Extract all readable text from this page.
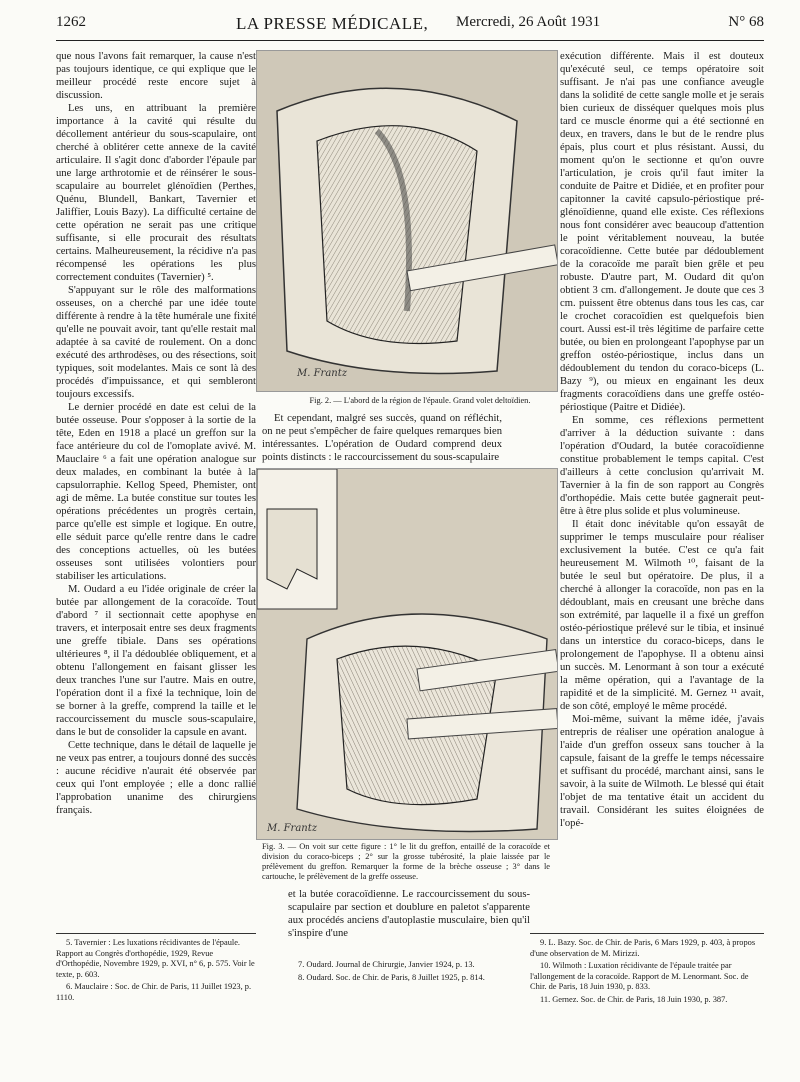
1262	LA PRESSE MÉDICALE, Mercredi, 26 Août 1931	N° 68

que nous l'avons fait remarquer, la cause n'est pas toujours identique, ce qui explique que le meilleur procédé reste encore sujet à discussion.

Les uns, en attribuant la première importance à la cavité qui résulte du décollement antérieur du sous-scapulaire, ont cherché à oblitérer cette annexe de la cavité articulaire. Il s'agit donc d'aborder l'épaule par une large arthrotomie et de réinsérer le sous-scapulaire au bourrelet glénoïdien (Perthes, Quénu, Blundell, Bankart, Tavernier et Jaliffier, Louis Bazy). La difficulté certaine de cette opération ne serait pas une critique suffisante, si elle procurait des résultats certains. Malheureusement, la récidive n'a pas récompensé les opérations les plus correctement conduites (Tavernier) ⁵.

S'appuyant sur le rôle des malformations osseuses, on a cherché par une idée toute différente à rendre à la tête humérale une fixité qu'elle ne pouvait avoir, tant qu'elle restait mal adaptée à sa cavité de roulement. On a donc exécuté des arthrodèses, ou des résections, soit typiques, soit modelantes. Mais ce sont là des procédés d'impuissance, et qui sembleront toujours excessifs.

Le dernier procédé en date est celui de la butée osseuse. Pour s'opposer à la sortie de la tête, Eden en 1918 a placé un greffon sur la face antérieure du col de l'omoplate avivé. M. Mauclaire ⁶ a fait une opération analogue sur deux malades, en combinant la butée à la capsulorraphie. Kellog Speed, Phemister, ont agi de même. La butée constitue sur toutes les opérations précédentes un progrès certain, parce qu'elle est simple et logique. En outre, elle séduit parce qu'elle rentre dans le cadre des conceptions actuelles, où les butées osseuses sont utilisées volontiers pour stabiliser les articulations.

M. Oudard a eu l'idée originale de créer la butée par allongement de la coracoïde. Tout d'abord ⁷ il sectionnait cette apophyse en travers, et interposait entre ses deux fragments une greffe tibiale. Dans ses opérations ultérieures ⁸, il l'a dédoublée obliquement, et a obtenu l'allongement en faisant glisser les deux tranches l'une sur l'autre. Mais en outre, l'opération dont il a fixé la technique, loin de se borner à la greffe, comprend la taille et le raccourcissement du muscle sous-scapulaire, dans le but de consolider la capsule en avant.

Cette technique, dans le détail de laquelle je ne veux pas entrer, a toujours donné des succès : aucune récidive n'aurait été observée par ceux qui l'ont employée ; elle a donc rallié l'approbation unanime des chirurgiens français.

M. Frantz
Fig. 2. — L'abord de la région de l'épaule. Grand volet deltoïdien.

Et cependant, malgré ses succès, quand on réfléchit, on ne peut s'empêcher de faire quelques remarques bien intéressantes. L'opération de Oudard comprend deux points distincts : le raccourcissement du sous-scapulaire

M. Frantz
Fig. 3. — On voit sur cette figure : 1° le lit du greffon, entaillé de la coracoïde et division du coraco-biceps ; 2° sur la grosse tubérosité, la plaie laissée par le prélèvement du greffon. Remarquer la forme de la brèche osseuse ; 3° dans le cartouche, le prélèvement de la greffe osseuse.

et la butée coracoïdienne. Le raccourcissement du sous-scapulaire par section et doublure en paletot s'apparente aux procédés anciens d'autoplastie musculaire, bien qu'il s'inspire d'une

exécution différente. Mais il est douteux qu'exécuté seul, ce temps opératoire soit suffisant. Je n'ai pas une confiance aveugle dans la solidité de cette sangle molle et je serais bien curieux de disséquer quelques mois plus tard ce muscle énorme qui a été sectionné en deux, en travers, dans le but de le rendre plus épais, plus court et plus résistant. Aussi, du moment qu'on le sectionne et qu'on ouvre l'articulation, je crois qu'il faut imiter la conduite de Paitre et Didiée, et en profiter pour capitonner la cavité capsulo-périostique pré-glénoïdienne, quand elle existe. Ces réflexions nous font considérer avec beaucoup d'attention le point véritablement nouveau, la butée coracoïdienne. Cette butée par dédoublement de la coracoïde me paraît bien grêle et peu robuste. D'autre part, M. Oudard dit qu'on obtient 3 cm. d'allongement. Je doute que ces 3 cm. puissent être obtenus dans tous les cas, car le crochet coracoïdien est quelquefois bien court. Aussi est-il très légitime de parfaire cette butée, ou bien en prolongeant l'apophyse par un greffon ostéo-périostique, inclus dans un dédoublement du tendon du coraco-biceps (L. Bazy ⁹), ou mieux en engainant les deux fragments coracoïdiens dans une greffe ostéo-périostique (Paitre et Didiée).

En somme, ces réflexions permettent d'arriver à la déduction suivante : dans l'opération d'Oudard, la butée coracoïdienne constitue probablement le temps capital. C'est d'ailleurs à cette conclusion qu'arrivait M. Tavernier à la fin de son rapport au Congrès d'orthopédie. Mais cette butée gagnerait peut-être à être plus solide et plus volumineuse.

Il était donc inévitable qu'on essayât de supprimer le temps musculaire pour réaliser exclusivement la butée. C'est ce qu'a fait heureusement M. Wilmoth ¹⁰, faisant de la butée le seul but opératoire. De plus, il a cherché à allonger la coracoïde, non pas en la dédoublant, mais en creusant une brèche dans son extrémité, par laquelle il a fixé un greffon ostéo-périostique prélevé sur le tibia, et insinué dans un interstice du coraco-biceps, dans le prolongement de l'apophyse. Il a obtenu ainsi un succès. M. Lenormant à son tour a exécuté la même opération, qui a l'avantage de la rapidité et de la simplicité. M. Gernez ¹¹ avait, de son côté, employé le même procédé.

Moi-même, suivant la même idée, j'avais entrepris de réaliser une opération analogue à l'aide d'un greffon osseux sans toucher à la capsule, faisant de la greffe le temps nécessaire et suffisant du procédé, marchant ainsi, sans le savoir, à la suite de Wilmoth. Le blessé qui était l'objet de ma tentative était un accident du travail. Considérant les suites éloignées de l'opé-

5. Tavernier : Les luxations récidivantes de l'épaule. Rapport au Congrès d'orthopédie, 1929, Revue d'Orthopédie, Novembre 1929, p. XVI, n° 6, p. 575. Voir le texte, p. 603.

6. Mauclaire : Soc. de Chir. de Paris, 11 Juillet 1923, p. 1110.

7. Oudard. Journal de Chirurgie, Janvier 1924, p. 13.

8. Oudard. Soc. de Chir. de Paris, 8 Juillet 1925, p. 814.

9. L. Bazy. Soc. de Chir. de Paris, 6 Mars 1929, p. 403, à propos d'une observation de M. Mirizzi.

10. Wilmoth : Luxation récidivante de l'épaule traitée par l'allongement de la coracoïde. Rapport de M. Lenormant. Soc. de Chir. de Paris, 18 Juin 1930, p. 833.

11. Gernez. Soc. de Chir. de Paris, 18 Juin 1930, p. 387.
